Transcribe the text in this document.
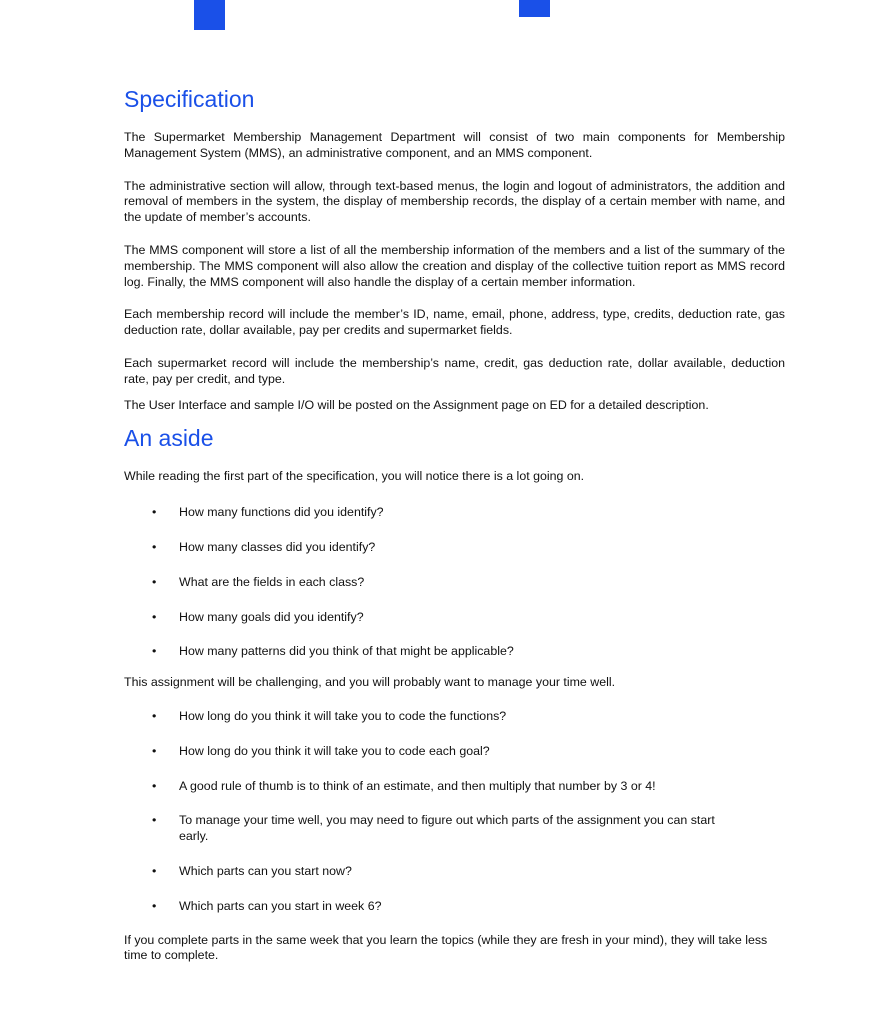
Specification

The Supermarket Membership Management Department will consist of two main components for Membership Management System (MMS), an administrative component, and an MMS component.

The administrative section will allow, through text-based menus, the login and logout of administrators, the addition and removal of members in the system, the display of membership records, the display of a certain member with name, and the update of member’s accounts.

The MMS component will store a list of all the membership information of the members and a list of the summary of the membership. The MMS component will also allow the creation and display of the collective tuition report as MMS record log. Finally, the MMS component will also handle the display of a certain member information.

Each membership record will include the member’s ID, name, email, phone, address, type, credits, deduction rate, gas deduction rate, dollar available, pay per credits and supermarket fields.

Each supermarket record will include the membership’s name, credit, gas deduction rate, dollar available, deduction rate, pay per credit, and type.

The User Interface and sample I/O will be posted on the Assignment page on ED for a detailed description.

An aside

While reading the first part of the specification, you will notice there is a lot going on.

• How many functions did you identify?
• How many classes did you identify?
• What are the fields in each class?
• How many goals did you identify?
• How many patterns did you think of that might be applicable?

This assignment will be challenging, and you will probably want to manage your time well.

• How long do you think it will take you to code the functions?
• How long do you think it will take you to code each goal?
• A good rule of thumb is to think of an estimate, and then multiply that number by 3 or 4!
• To manage your time well, you may need to figure out which parts of the assignment you can start early.
• Which parts can you start now?
• Which parts can you start in week 6?

If you complete parts in the same week that you learn the topics (while they are fresh in your mind), they will take less time to complete.
